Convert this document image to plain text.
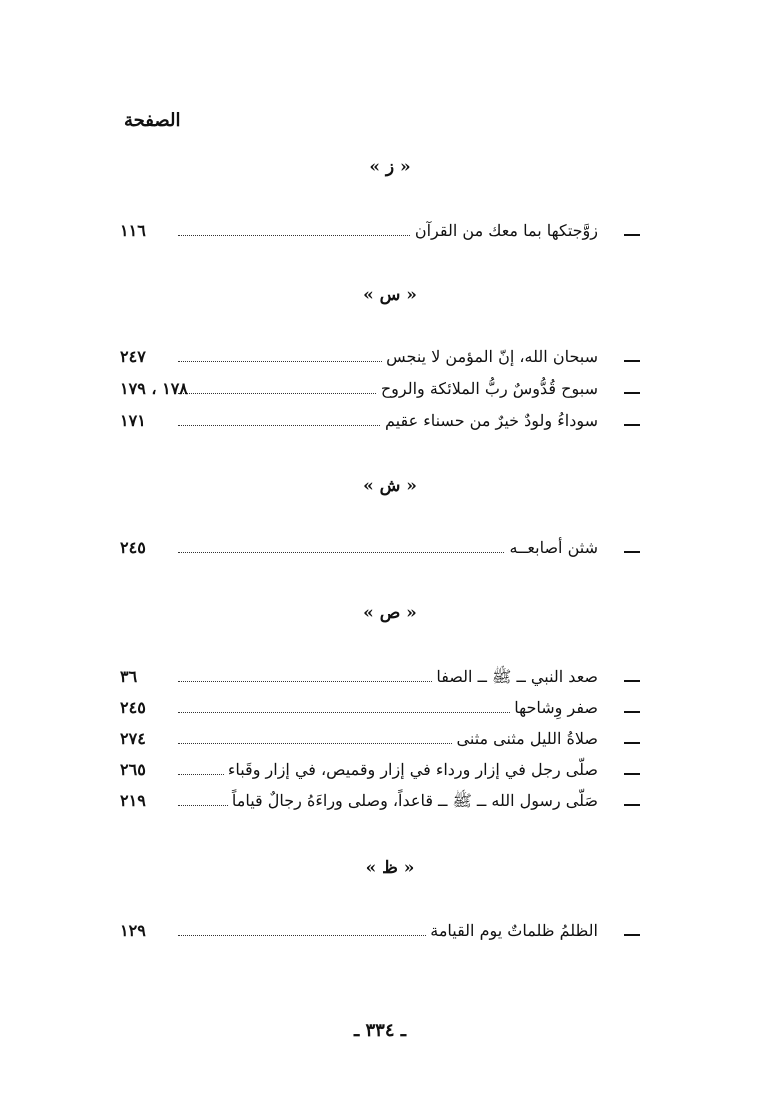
الصفحة
« ز »
١١٦	زوَّجتكها بما معك من القرآن
« س »
٢٤٧	سبحان الله، إنّ المؤمن لا ينجس
١٧٨ ، ١٧٩	سبوح قُدُّوسٌ ربُّ الملائكة والروح
١٧١	سوداءُ ولودٌ خيرٌ من حسناء عقيم
« ش »
٢٤٥	شثن أصابعــه
« ص »
٣٦	صعد النبي ــ ﷺ ــ الصفا
٢٤٥	صفر وِشاحها
٢٧٤	صلاةُ الليل مثنى مثنى
٢٦٥	صلّى رجل في إزار ورداء في إزار وقميص، في إزار وقَباء
٢١٩	صَلّى رسول الله ــ ﷺ ــ قاعداً، وصلى وراءَهُ رجالٌ قياماً
« ظ »
١٢٩	الظلمُ ظلماتٌ يوم القيامة
ـ ٣٣٤ ـ
